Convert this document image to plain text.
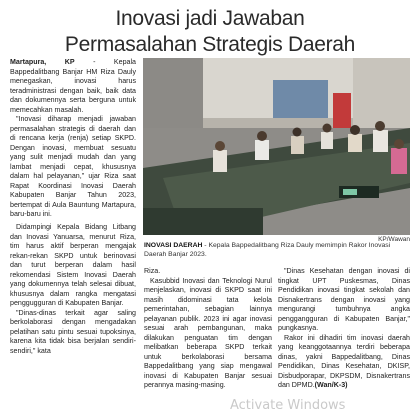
Inovasi jadi Jawaban
Permasalahan Strategis Daerah

Martapura, KP - Kepala Bappedalitbang Banjar HM Riza Dauly menegaskan, inovasi harus teradministrasi dengan baik, baik data dan dokumennya serta berguna untuk memecahkan masalah.

"Inovasi diharap menjadi jawaban permasalahan strategis di daerah dan di rencana kerja (renja) setiap SKPD. Dengan inovasi, membuat sesuatu yang sulit menjadi mudah dan yang lambat menjadi cepat, khususnya dalam hal pelayanan," ujar Riza saat Rapat Koordinasi Inovasi Daerah Kabupaten Banjar Tahun 2023, bertempat di Aula Bauntung Martapura, baru-baru ini.

KP/Wawan
INOVASI DAERAH - Kepala Bappedalitbang Riza Dauly memimpin Rakor Inovasi Daerah Banjar 2023.

Didampingi Kepala Bidang Litbang dan Inovasi Yanuarsa, menurut Riza, tim harus aktif berperan mengajak rekan-rekan SKPD untuk berinovasi dan turut berperan dalam hasil rekomendasi Sistem Inovasi Daerah yang dokumennya telah selesai dibuat, khususnya dalam rangka mengatasi penggugguran di Kabupaten Banjar.

"Dinas-dinas terkait agar saling berkolaborasi dengan mengadakan pelatihan satu pintu sesuai tupoksinya, karena kita tidak bisa berjalan sendiri-sendiri," kata

Riza.

Kasubbid Inovasi dan Teknologi Nurul menjelaskan, inovasi di SKPD saat ini masih didominasi tata kelola pemerintahan, sebagian lainnya pelayanan publik. 2023 ini agar inovasi sesuai arah pembangunan, maka dilakukan penguatan tim dengan melibatkan beberapa SKPD terkait untuk berkolaborasi bersama Bappedalitbang yang siap mengawal inovasi di Kabupaten Banjar sesuai perannya masing-masing.

"Dinas Kesehatan dengan inovasi di tingkat UPT Puskesmas, Dinas Pendidikan inovasi tingkat sekolah dan Disnakertrans dengan inovasi yang mengurangi tumbuhnya angka penggangguran di Kabupaten Banjar," pungkasnya.

Rakor ini dihadiri tim inovasi daerah yang keanggotaannya terdiri beberapa dinas, yakni Bappedalitbang, Dinas Pendidikan, Dinas Kesehatan, DKISP, Disbudporapar, DKPSDM, Disnakertrans dan DPMD.(Wan/K-3)

Activate Windows
